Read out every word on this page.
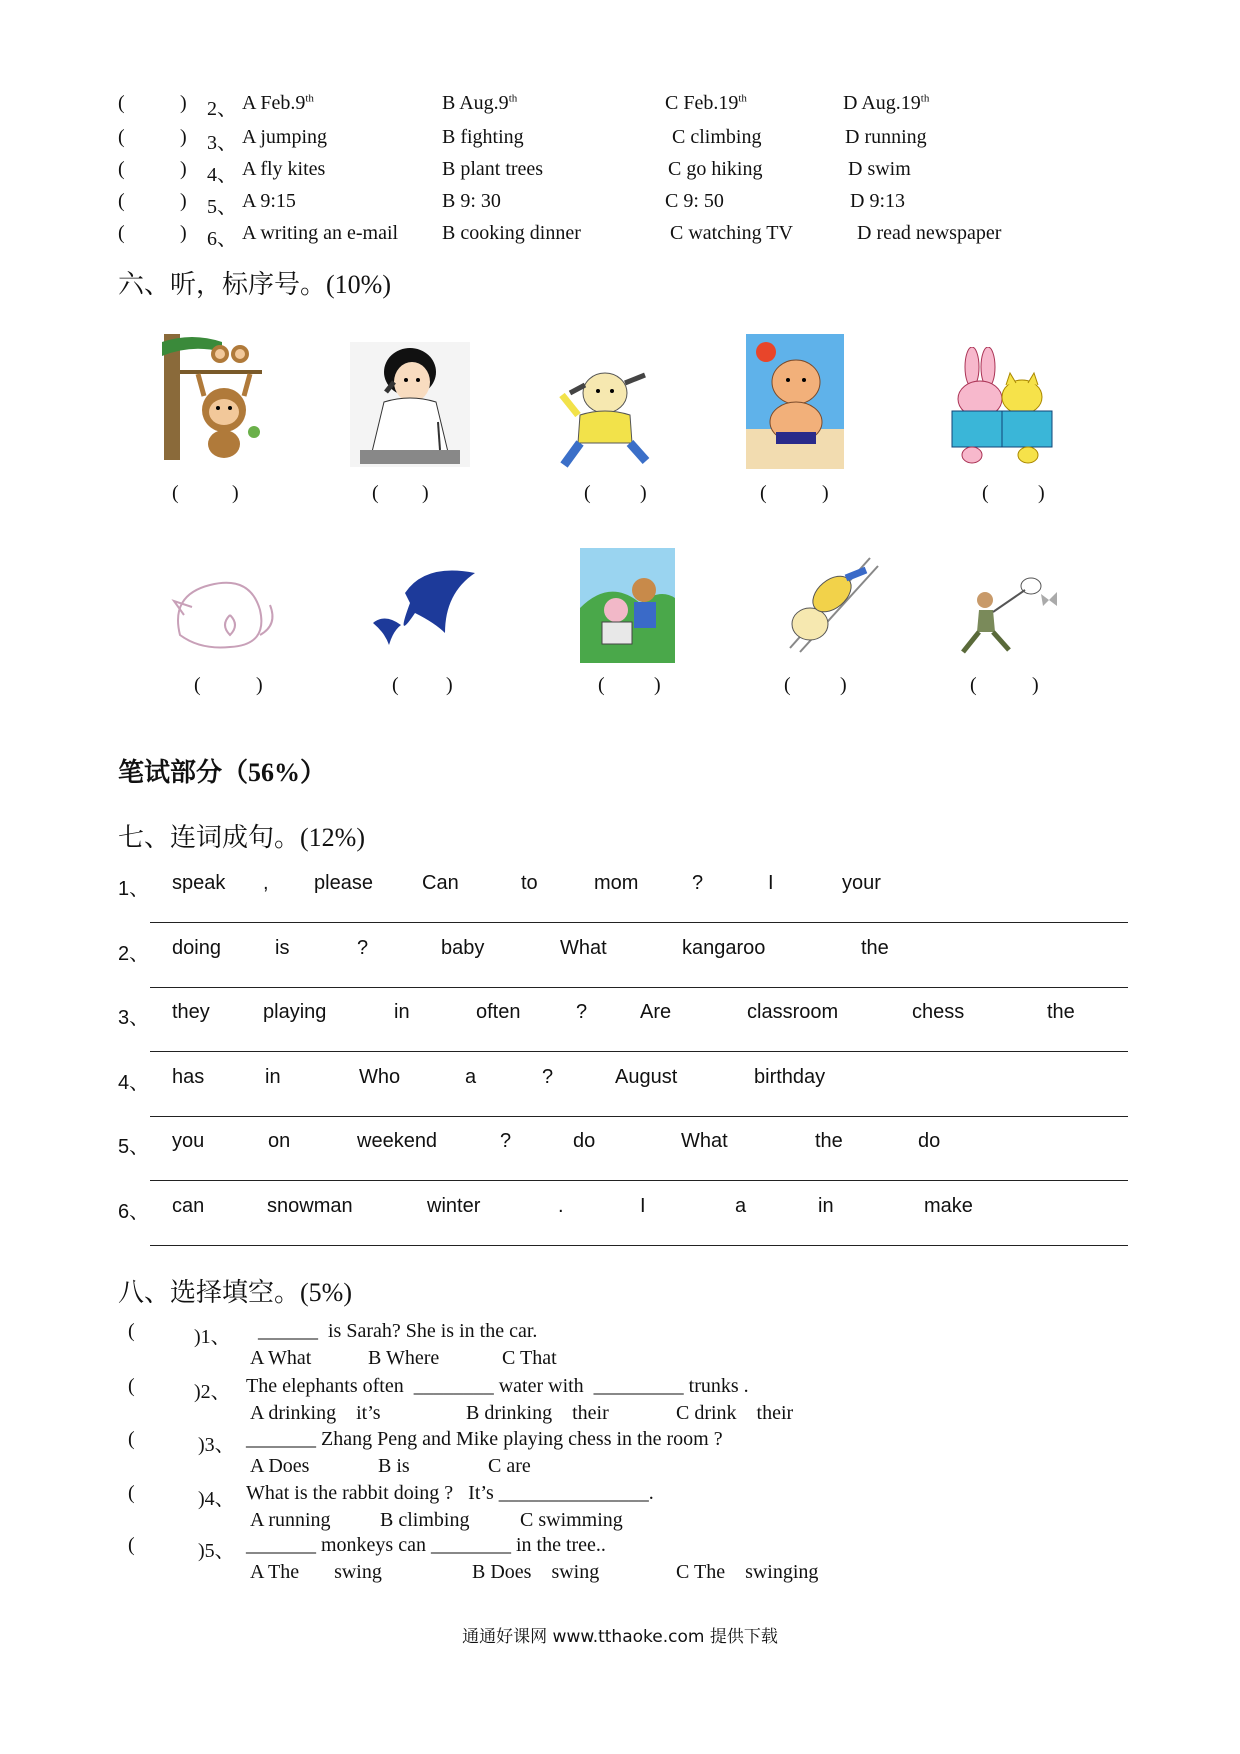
(	) 2、 A Feb.9th	B Aug.9th	C Feb.19th	D Aug.19th
(	) 3、 A jumping	B fighting	C climbing	D running
(	) 4、 A fly kites	B plant trees	C go hiking	D swim
(	) 5、 A 9:15	B 9: 30	C 9: 50	D 9:13
(	) 6、 A writing an e-mail B cooking dinner	C watching TV	D read newspaper
六、听，标序号。(10%)
(	)	( )	( )	(	)	( )
(	)	( )	( )	( )	(	)
笔试部分（56%）
七、连词成句。(12%)
1、 speak , please Can	to	mom	?	I	your
2、 doing	is	?	baby	What	kangaroo	the
3、 they	playing	in	often	?	Are	classroom	chess	the
4、 has	in	Who	a	?	August	birthday
5、 you	on	weekend	?	do	What	the	do
6、 can	snowman	winter	.	I	a	in	make
八、选择填空。(5%)
(	)1、 ______  is Sarah? She is in the car.
A What	B Where	C That
(	)2、 The elephants often  ________ water with  _________ trunks .
A drinking    it’s	B drinking    their	C drink    their
(	)3、 _______ Zhang Peng and Mike playing chess in the room ?
A Does	B is	C are
(	)4、 What is the rabbit doing ?   It’s _______________.
A running B climbing	C swimming
(	)5、 _______ monkeys can ________ in the tree..
A The       swing	B Does    swing	C The    swinging
通通好课网 www.tthaoke.com 提供下载
